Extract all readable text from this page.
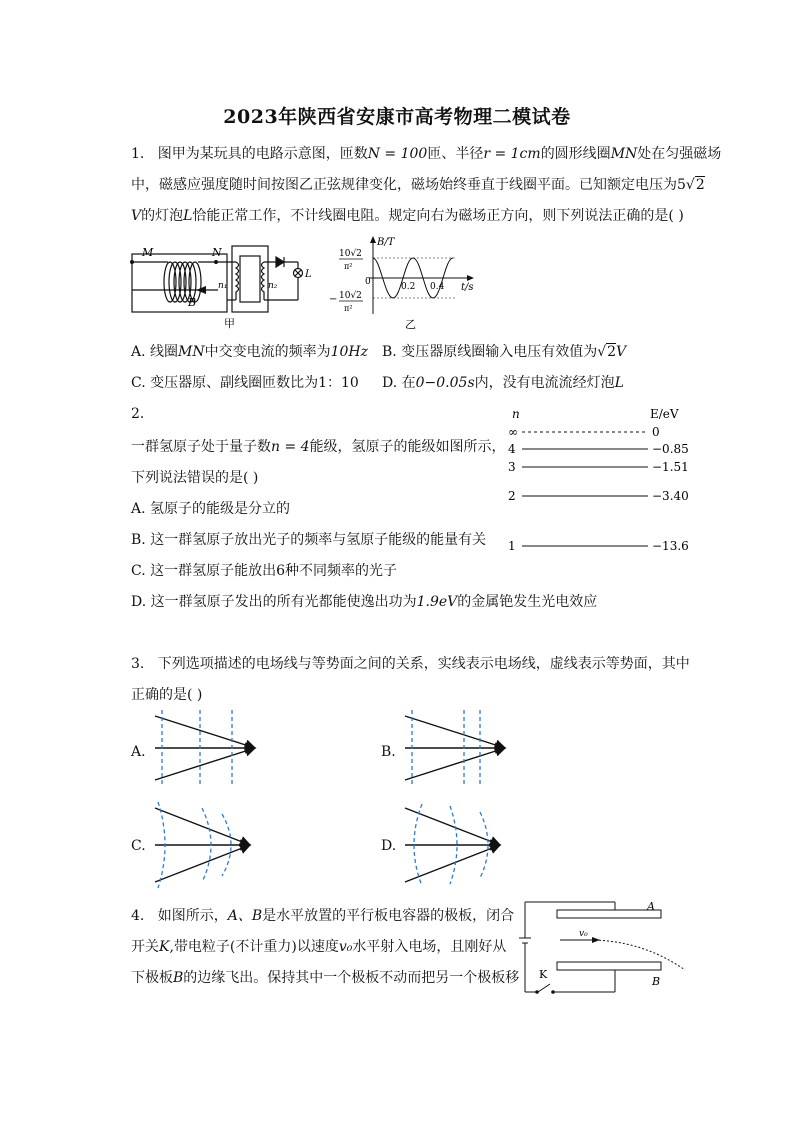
2023年陕西省安康市高考物理二模试卷
1. 图甲为某玩具的电路示意图，匝数N = 100匝、半径r = 1cm的圆形线圈MN处在匀强磁场
中，磁感应强度随时间按图乙正弦规律变化，磁场始终垂直于线圈平面。已知额定电压为5√2
V的灯泡L恰能正常工作，不计线圈电阻。规定向右为磁场正方向，则下列说法正确的是( )
M	N
B
n₁	n₂
L
甲
B/T
t/s
10√2
π²
− 10√2
π²
0	0.2 0.4
乙
A. 线圈MN中交变电流的频率为10Hz B. 变压器原线圈输入电压有效值为√2V
C. 变压器原、副线圈匝数比为1：10 D. 在0−0.05s内，没有电流流经灯泡L
2.
一群氢原子处于量子数n = 4能级，氢原子的能级如图所示，
下列说法错误的是( )
A. 氢原子的能级是分立的
B. 这一群氢原子放出光子的频率与氢原子能级的能量有关
C. 这一群氢原子能放出6种不同频率的光子
D. 这一群氢原子发出的所有光都能使逸出功为1.9eV的金属铯发生光电效应
n	E/eV
∞	0
4	−0.85
3	−1.51
2	−3.40
1	−13.6
3. 下列选项描述的电场线与等势面之间的关系，实线表示电场线，虚线表示等势面，其中
正确的是( )
A.	B.
C.	D.
4. 如图所示，A、B是水平放置的平行板电容器的极板，闭合
开关K,带电粒子(不计重力)以速度v₀水平射入电场，且刚好从
下极板B的边缘飞出。保持其中一个极板不动而把另一个极板移
A
B
K
v₀
